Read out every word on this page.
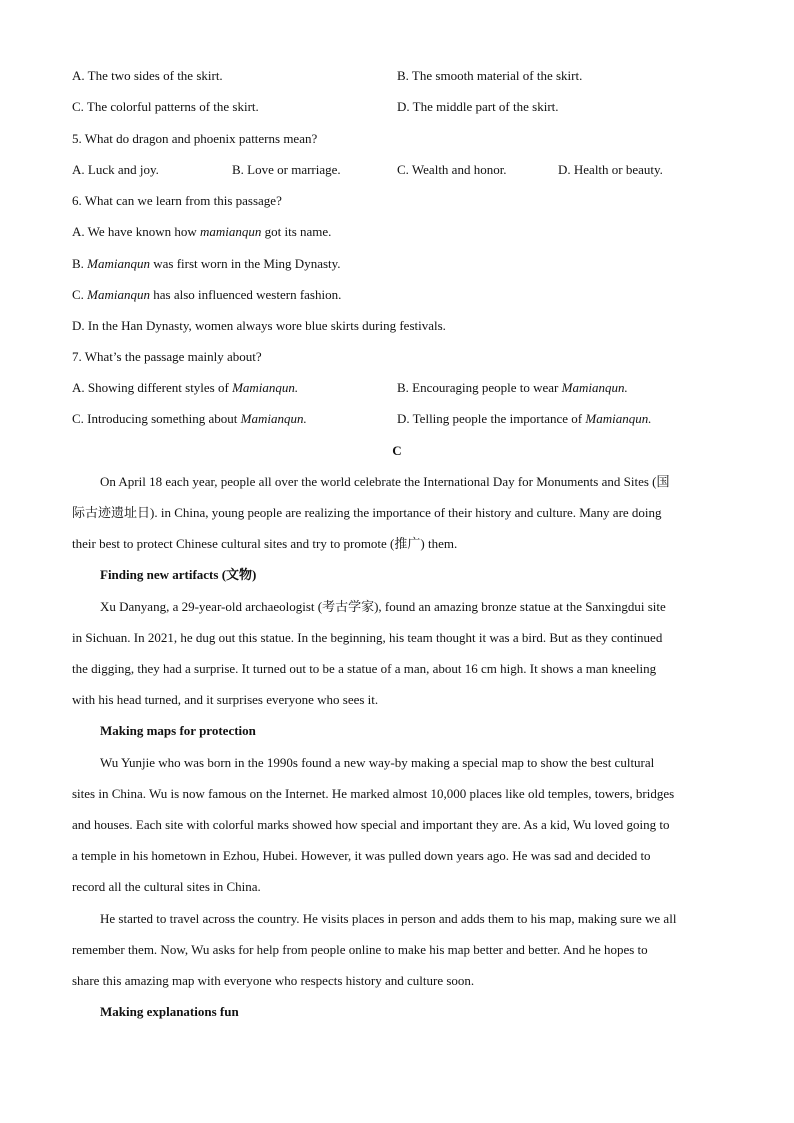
A. The two sides of the skirt.	B. The smooth material of the skirt.
C. The colorful patterns of the skirt.	D. The middle part of the skirt.
5. What do dragon and phoenix patterns mean?
A. Luck and joy.	B. Love or marriage.	C. Wealth and honor.	D. Health or beauty.
6. What can we learn from this passage?
A. We have known how mamianqun got its name.
B. Mamianqun was first worn in the Ming Dynasty.
C. Mamianqun has also influenced western fashion.
D. In the Han Dynasty, women always wore blue skirts during festivals.
7. What’s the passage mainly about?
A. Showing different styles of Mamianqun.	B. Encouraging people to wear Mamianqun.
C. Introducing something about Mamianqun.	D. Telling people the importance of Mamianqun.
C
On April 18 each year, people all over the world celebrate the International Day for Monuments and Sites (国
际古迹遗址日). in China, young people are realizing the importance of their history and culture. Many are doing
their best to protect Chinese cultural sites and try to promote (推广) them.
Finding new artifacts (文物)
Xu Danyang, a 29-year-old archaeologist (考古学家), found an amazing bronze statue at the Sanxingdui site
in Sichuan. In 2021, he dug out this statue. In the beginning, his team thought it was a bird. But as they continued
the digging, they had a surprise. It turned out to be a statue of a man, about 16 cm high. It shows a man kneeling
with his head turned, and it surprises everyone who sees it.
Making maps for protection
Wu Yunjie who was born in the 1990s found a new way-by making a special map to show the best cultural
sites in China. Wu is now famous on the Internet. He marked almost 10,000 places like old temples, towers, bridges
and houses. Each site with colorful marks showed how special and important they are. As a kid, Wu loved going to
a temple in his hometown in Ezhou, Hubei. However, it was pulled down years ago. He was sad and decided to
record all the cultural sites in China.
He started to travel across the country. He visits places in person and adds them to his map, making sure we all
remember them. Now, Wu asks for help from people online to make his map better and better. And he hopes to
share this amazing map with everyone who respects history and culture soon.
Making explanations fun
